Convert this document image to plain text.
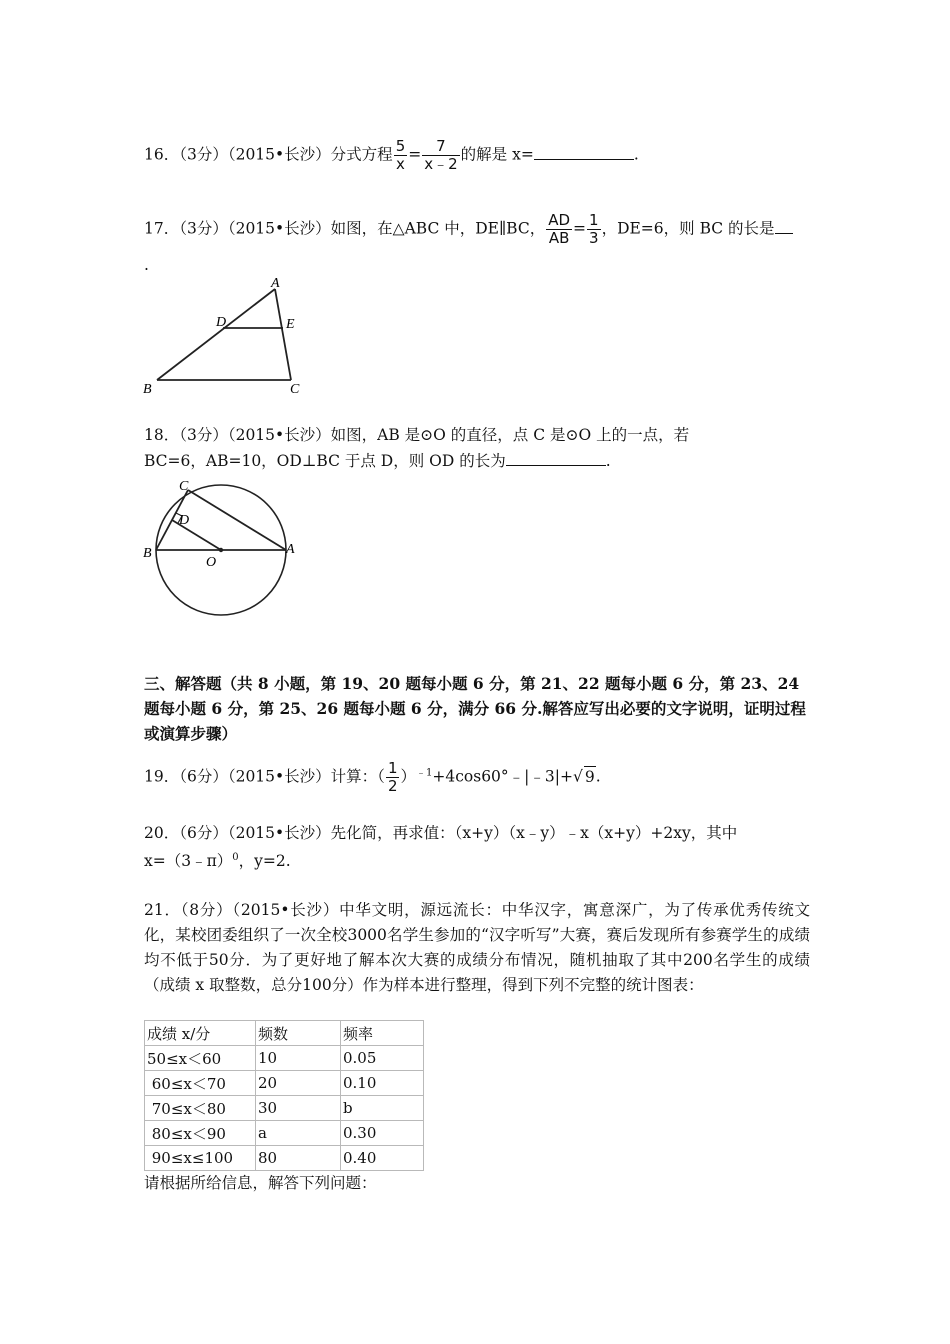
16．（3分）（2015•长沙）分式方程 $\frac{5}{x} = \frac{7}{x﹣2}$ 的解是 x=	.
17．（3分）（2015•长沙）如图，在△ABC 中，DE∥BC， $\frac{AD}{AB} = \frac{1}{3}$ ，DE=6，则 BC 的长是
.
A
B	C
D	E
18．（3分）（2015•长沙）如图，AB 是⊙O 的直径，点 C 是⊙O 上的一点，若
BC=6，AB=10，OD⊥BC 于点 D，则 OD 的长为	.
C
D
B	A
O
三、解答题（共 8 小题，第 19、20 题每小题 6 分，第 21、22 题每小题 6 分，第 23、24 题每小题 6 分，第 25、26 题每小题 6 分，满分 66 分.解答应写出必要的文字说明，证明过程或演算步骤）
19．（6分）（2015•长沙）计算：（ $\frac{1}{2}$ ）$^{﹣1}$+4cos60°﹣|﹣3|+√ 9.
20．（6分）（2015•长沙）先化简，再求值：（x+y）（x﹣y）﹣x（x+y）+2xy，其中
x=（3﹣π）$^0$，y=2.
21．（8分）（2015•长沙）中华文明，源远流长：中华汉字，寓意深广，为了传承优秀传统文化，某校团委组织了一次全校3000名学生参加的“汉字听写”大赛，赛后发现所有参赛学生的成绩均不低于50分．为了更好地了解本次大赛的成绩分布情况，随机抽取了其中200名学生的成绩（成绩 x 取整数，总分100分）作为样本进行整理，得到下列不完整的统计图表：
成绩 x/分	频数	频率
50≤x＜60	10	0.05
60≤x＜70	20	0.10
70≤x＜80	30	b
80≤x＜90	a	0.30
90≤x≤100	80	0.40
请根据所给信息，解答下列问题：
